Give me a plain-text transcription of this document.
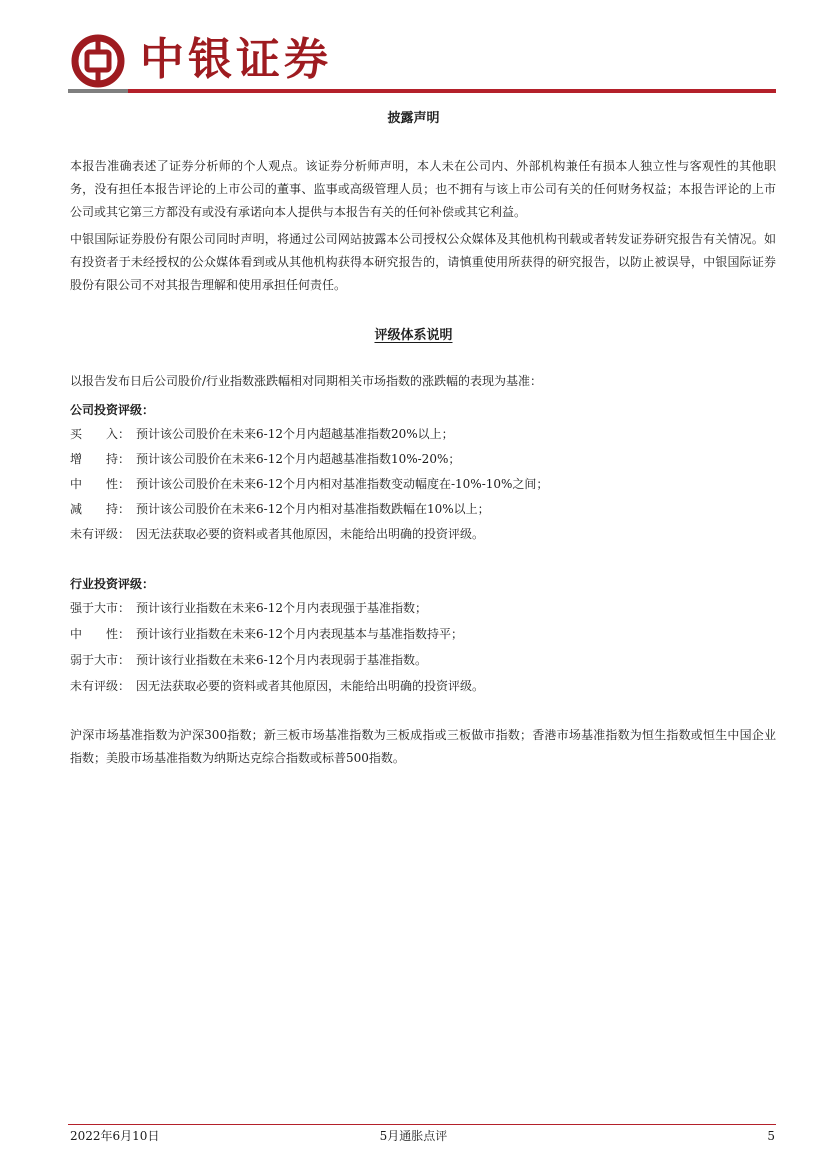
中银证券
披露声明
本报告准确表述了证券分析师的个人观点。该证券分析师声明，本人未在公司内、外部机构兼任有损本人独立性与客观性的其他职务，没有担任本报告评论的上市公司的董事、监事或高级管理人员；也不拥有与该上市公司有关的任何财务权益；本报告评论的上市公司或其它第三方都没有或没有承诺向本人提供与本报告有关的任何补偿或其它利益。
中银国际证券股份有限公司同时声明，将通过公司网站披露本公司授权公众媒体及其他机构刊载或者转发证券研究报告有关情况。如有投资者于未经授权的公众媒体看到或从其他机构获得本研究报告的，请慎重使用所获得的研究报告，以防止被误导，中银国际证券股份有限公司不对其报告理解和使用承担任何责任。
评级体系说明
以报告发布日后公司股价/行业指数涨跌幅相对同期相关市场指数的涨跌幅的表现为基准：
公司投资评级：
买　　入： 预计该公司股价在未来6-12个月内超越基准指数20%以上；
增　　持： 预计该公司股价在未来6-12个月内超越基准指数10%-20%；
中　　性： 预计该公司股价在未来6-12个月内相对基准指数变动幅度在-10%-10%之间；
减　　持： 预计该公司股价在未来6-12个月内相对基准指数跌幅在10%以上；
未有评级： 因无法获取必要的资料或者其他原因，未能给出明确的投资评级。
行业投资评级：
强于大市： 预计该行业指数在未来6-12个月内表现强于基准指数；
中　　性： 预计该行业指数在未来6-12个月内表现基本与基准指数持平；
弱于大市： 预计该行业指数在未来6-12个月内表现弱于基准指数。
未有评级： 因无法获取必要的资料或者其他原因，未能给出明确的投资评级。
沪深市场基准指数为沪深300指数；新三板市场基准指数为三板成指或三板做市指数；香港市场基准指数为恒生指数或恒生中国企业指数；美股市场基准指数为纳斯达克综合指数或标普500指数。
2022年6月10日	5月通胀点评	5
